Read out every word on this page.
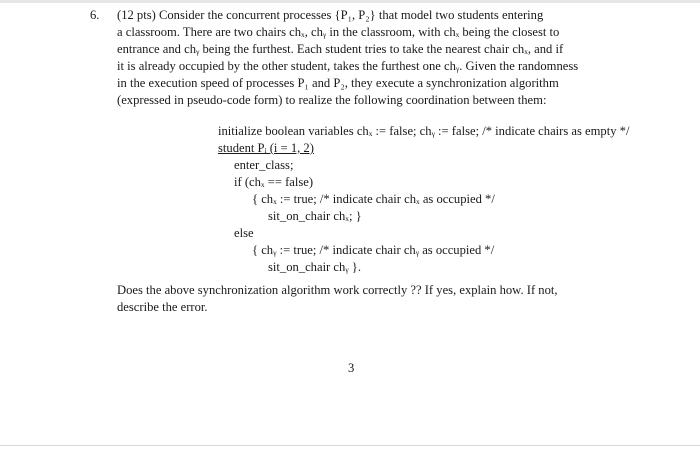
6. (12 pts) Consider the concurrent processes {P₁, P₂} that model two students entering
a classroom. There are two chairs chₓ, chᵧ in the classroom, with chₓ being the closest to
entrance and chᵧ being the furthest. Each student tries to take the nearest chair chₓ, and if
it is already occupied by the other student, takes the furthest one chᵧ. Given the randomness
in the execution speed of processes P₁ and P₂, they execute a synchronization algorithm
(expressed in pseudo-code form) to realize the following coordination between them:
initialize boolean variables chₓ := false; chᵧ := false; /* indicate chairs as empty */
student Pᵢ (i = 1, 2)
enter_class;
if (chₓ == false)
{ chₓ := true; /* indicate chair chₓ as occupied */
sit_on_chair chₓ; }
else
{ chᵧ := true; /* indicate chair chᵧ as occupied */
sit_on_chair chᵧ }.
Does the above synchronization algorithm work correctly ?? If yes, explain how. If not,
describe the error.
3
